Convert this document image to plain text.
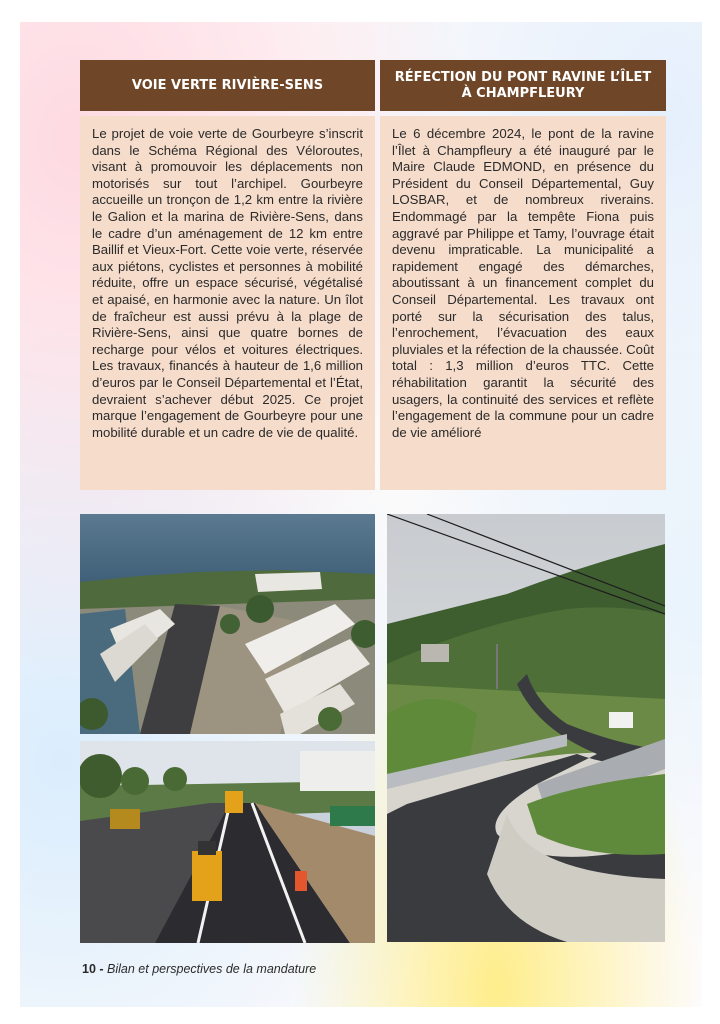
VOIE VERTE RIVIÈRE-SENS
RÉFECTION DU PONT RAVINE L’ÎLET À CHAMPFLEURY
Le projet de voie verte de Gourbeyre s’inscrit dans le Schéma Régional des Véloroutes, visant à promouvoir les déplacements non motorisés sur tout l’archipel. Gourbeyre accueille un tronçon de 1,2 km entre la rivière le Galion et la marina de Rivière-Sens, dans le cadre d’un aménagement de 12 km entre Baillif et Vieux-Fort. Cette voie verte, réservée aux piétons, cyclistes et personnes à mobilité réduite, offre un espace sécurisé, végétalisé et apaisé, en harmonie avec la nature. Un îlot de fraîcheur est aussi prévu à la plage de Rivière-Sens, ainsi que quatre bornes de recharge pour vélos et voitures électriques. Les travaux, financés à hauteur de 1,6 million d’euros par le Conseil Départemental et l’État, devraient s’achever début 2025. Ce projet marque l’engagement de Gourbeyre pour une mobilité durable et un cadre de vie de qualité.
Le 6 décembre 2024, le pont de la ravine l’Îlet à Champfleury a été inauguré par le Maire Claude EDMOND, en présence du Président du Conseil Départemental, Guy LOSBAR, et de nombreux riverains. Endommagé par la tempête Fiona puis aggravé par Philippe et Tamy, l’ouvrage était devenu impraticable. La municipalité a rapidement engagé des démarches, aboutissant à un financement complet du Conseil Départemental. Les travaux ont porté sur la sécurisation des talus, l’enrochement, l’évacuation des eaux pluviales et la réfection de la chaussée. Coût total : 1,3 million d’euros TTC. Cette réhabilitation garantit la sécurité des usagers, la continuité des services et reflète l’engagement de la commune pour un cadre de vie amélioré
10 - Bilan et perspectives de la mandature
